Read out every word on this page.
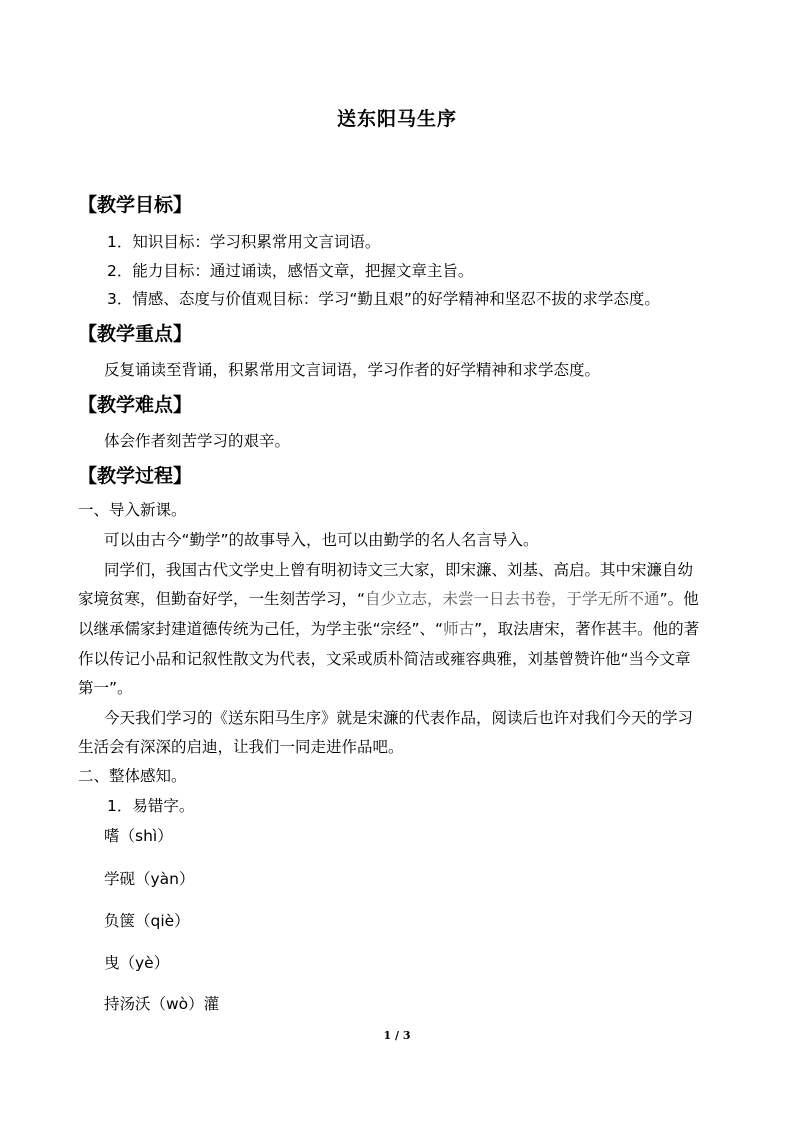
送东阳马生序
【教学目标】
1．知识目标：学习积累常用文言词语。
2．能力目标：通过诵读，感悟文章，把握文章主旨。
3．情感、态度与价值观目标：学习“勤且艰”的好学精神和坚忍不拔的求学态度。
【教学重点】
反复诵读至背诵，积累常用文言词语，学习作者的好学精神和求学态度。
【教学难点】
体会作者刻苦学习的艰辛。
【教学过程】
一、导入新课。
可以由古今“勤学”的故事导入，也可以由勤学的名人名言导入。
同学们，我国古代文学史上曾有明初诗文三大家，即宋濂、刘基、高启。其中宋濂自幼
家境贫寒，但勤奋好学，一生刻苦学习，“自少立志，未尝一日去书卷，于学无所不通”。他
以继承儒家封建道德传统为己任，为学主张“宗经”、“师古”，取法唐宋，著作甚丰。他的著
作以传记小品和记叙性散文为代表，文采或质朴简洁或雍容典雅，刘基曾赞许他“当今文章
第一”。
今天我们学习的《送东阳马生序》就是宋濂的代表作品，阅读后也许对我们今天的学习
生活会有深深的启迪，让我们一同走进作品吧。
二、整体感知。
1．易错字。
嗜（shì）
学砚（yàn）
负箧（qiè）
曳（yè）
持汤沃（wò）灌
1 / 3
